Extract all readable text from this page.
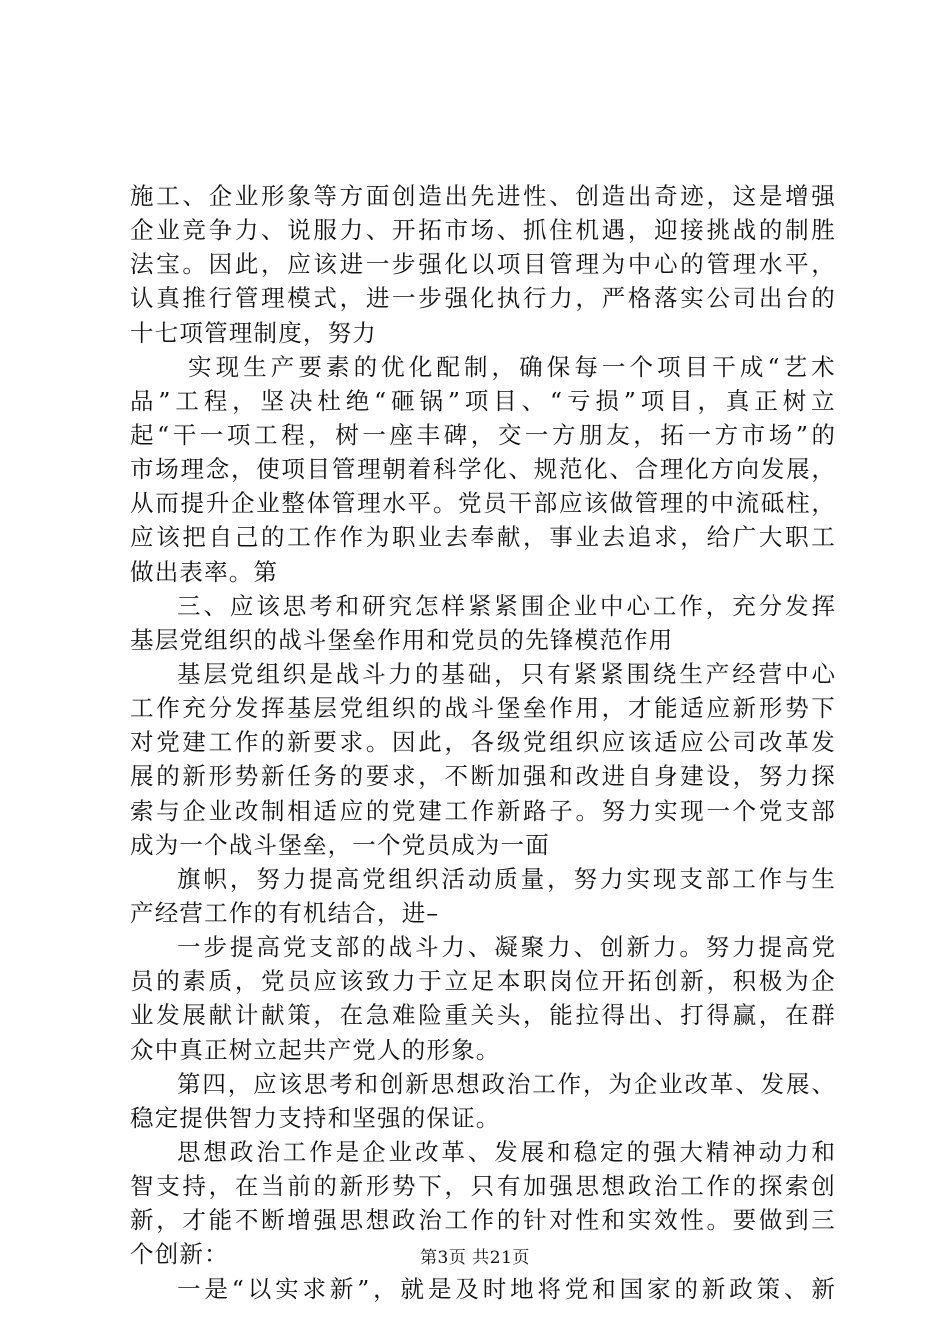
施 工 、 企 业 形 象 等 方 面 创 造 出 先 进 性 、 创 造 出 奇 迹 ， 这 是 增 强
企 业 竞 争 力 、 说 服 力 、 开 拓 市 场 、 抓 住 机 遇 ， 迎 接 挑 战 的 制 胜
法 宝 。 因 此 ， 应 该 进 一 步 强 化 以 项 目 管 理 为 中 心 的 管 理 水 平 ，
认 真 推 行 管 理 模 式 ， 进 一 步 强 化 执 行 力 ， 严 格 落 实 公 司 出 台 的
十七项管理制度，努力
实 现 生 产 要 素 的 优 化 配 制 ， 确 保 每 一 个 项 目 干 成 “ 艺 术
品 ” 工 程 ， 坚 决 杜 绝 “ 砸 锅 ” 项 目 、 “ 亏 损 ” 项 目 ， 真 正 树 立
起 “ 干 一 项 工 程 ， 树 一 座 丰 碑 ， 交 一 方 朋 友 ， 拓 一 方 市 场 ” 的
市 场 理 念 ， 使 项 目 管 理 朝 着 科 学 化 、 规 范 化 、 合 理 化 方 向 发 展 ，
从 而 提 升 企 业 整 体 管 理 水 平 。 党 员 干 部 应 该 做 管 理 的 中 流 砥 柱 ，
应 该 把 自 己 的 工 作 作 为 职 业 去 奉 献 ， 事 业 去 追 求 ， 给 广 大 职 工
做出表率。第
三 、 应 该 思 考 和 研 究 怎 样 紧 紧 围 企 业 中 心 工 作 ， 充 分 发 挥
基层党组织的战斗堡垒作用和党员的先锋模范作用
基 层 党 组 织 是 战 斗 力 的 基 础 ， 只 有 紧 紧 围 绕 生 产 经 营 中 心
工 作 充 分 发 挥 基 层 党 组 织 的 战 斗 堡 垒 作 用 ， 才 能 适 应 新 形 势 下
对 党 建 工 作 的 新 要 求 。 因 此 ， 各 级 党 组 织 应 该 适 应 公 司 改 革 发
展 的 新 形 势 新 任 务 的 要 求 ， 不 断 加 强 和 改 进 自 身 建 设 ， 努 力 探
索 与 企 业 改 制 相 适 应 的 党 建 工 作 新 路 子 。 努 力 实 现 一 个 党 支 部
成为一个战斗堡垒，一个党员成为一面
旗 帜 ， 努 力 提 高 党 组 织 活 动 质 量 ， 努 力 实 现 支 部 工 作 与 生
产经营工作的有机结合，进–
一 步 提 高 党 支 部 的 战 斗 力 、 凝 聚 力 、 创 新 力 。 努 力 提 高 党
员 的 素 质 ， 党 员 应 该 致 力 于 立 足 本 职 岗 位 开 拓 创 新 ， 积 极 为 企
业 发 展 献 计 献 策 ， 在 急 难 险 重 关 头 ， 能 拉 得 出 、 打 得 赢 ， 在 群
众中真正树立起共产党人的形象。
第 四 ， 应 该 思 考 和 创 新 思 想 政 治 工 作 ， 为 企 业 改 革 、 发 展 、
稳定提供智力支持和坚强的保证。
思 想 政 治 工 作 是 企 业 改 革 、 发 展 和 稳 定 的 强 大 精 神 动 力 和
智 支 持 ， 在 当 前 的 新 形 势 下 ， 只 有 加 强 思 想 政 治 工 作 的 探 索 创
新 ， 才 能 不 断 增 强 思 想 政 治 工 作 的 针 对 性 和 实 效 性 。 要 做 到 三
个创新：
一 是 “ 以 实 求 新 ” ， 就 是 及 时 地 将 党 和 国 家 的 新 政 策 、 新
第3页 共21页
